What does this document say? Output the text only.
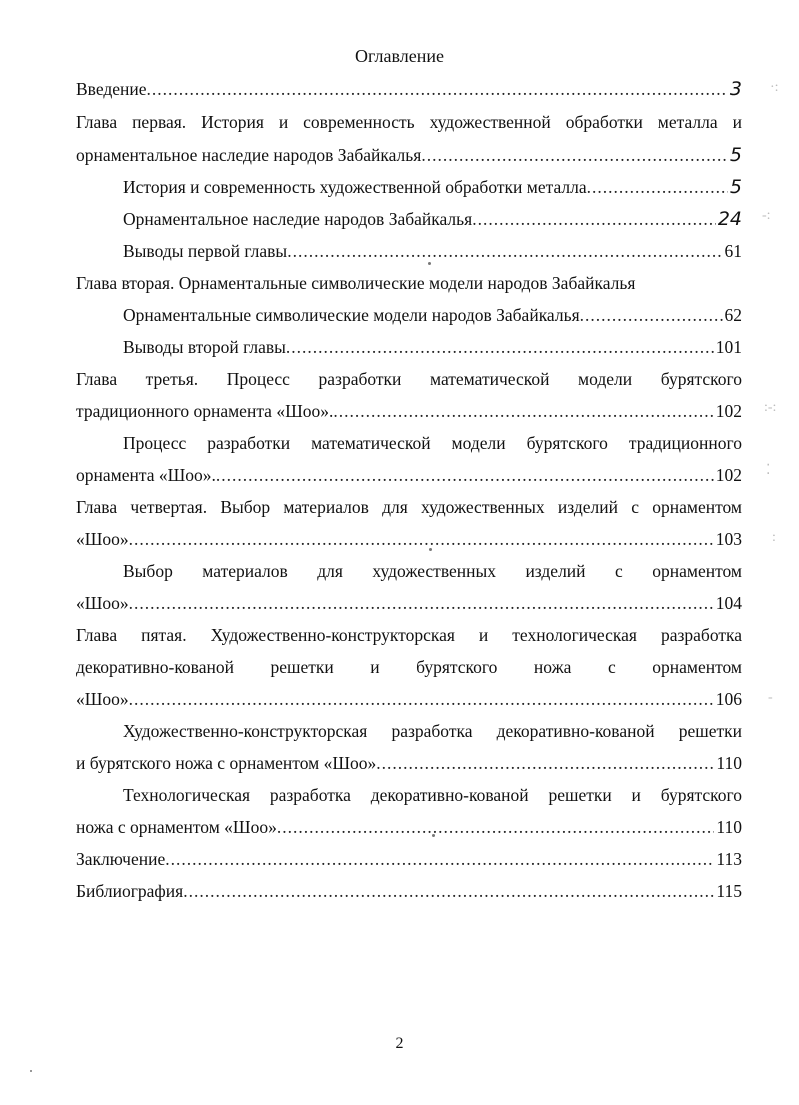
Оглавление
Введение .....	3
Глава первая. История и современность художественной обработки металла и
орнаментальное наследие народов Забайкалья .....	5
История и современность художественной обработки металла .....	5
Орнаментальное наследие народов Забайкалья .....	24
Выводы первой главы .....	61
Глава вторая. Орнаментальные символические модели народов Забайкалья
Орнаментальные символические модели народов Забайкалья .....	62
Выводы второй главы .....	101
Глава третья. Процесс разработки математической модели бурятского
традиционного орнамента «Шоо». .....	102
Процесс разработки математической модели бурятского традиционного
орнамента «Шоо». .....	102
Глава четвертая. Выбор материалов для художественных изделий с орнаментом
«Шоо» .....	103
Выбор материалов для художественных изделий с орнаментом
«Шоо» .....	104
Глава пятая. Художественно-конструкторская и технологическая разработка
декоративно-кованой решетки и бурятского ножа с орнаментом
«Шоо» .....	106
Художественно-конструкторская разработка декоративно-кованой решетки
и бурятского ножа с орнаментом «Шоо» .....	110
Технологическая разработка декоративно-кованой решетки и бурятского
ножа с орнаментом «Шоо» .....	110
Заключение .....	113
Библиография .....	115
2
·:
-:
:-:
⁚
:
-
